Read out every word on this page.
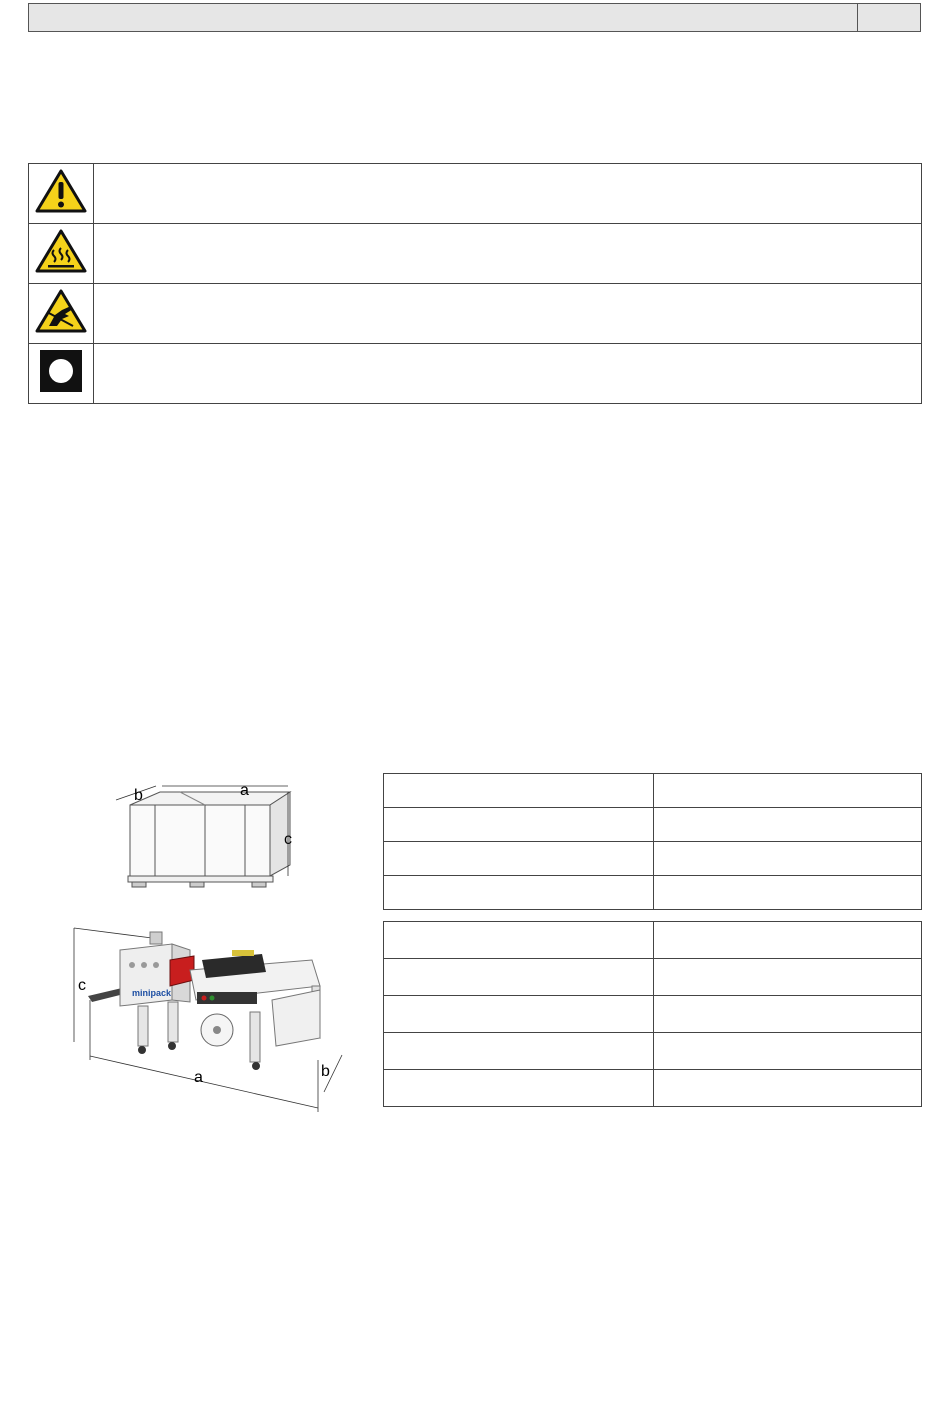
b	a
c

minipack
c
a	b
